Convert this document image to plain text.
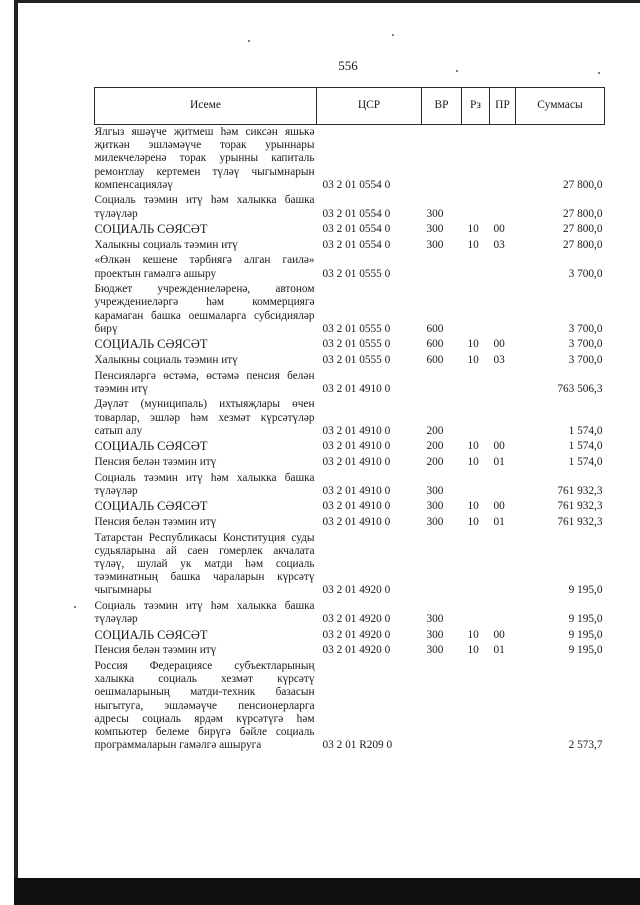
556
Исеме	ЦСР	ВР	Рз	ПР	Суммасы
Ялгыз яшәүче җитмеш һәм сиксән яшькә җиткән эшләмәүче торак урыннары милекчеләренә торак урынны капиталь ремонтлау кертемен түләү чыгымнарын компенсацияләү	03 2 01 0554 0				27 800,0
Социаль тәэмин итү һәм халыкка башка түләүләр	03 2 01 0554 0	300			27 800,0
СОЦИАЛЬ СӘЯСӘТ	03 2 01 0554 0	300	10	00	27 800,0
Халыкны социаль тәэмин итү	03 2 01 0554 0	300	10	03	27 800,0
«Өлкән кешене тәрбиягә алган гаилә» проектын гамәлгә ашыру	03 2 01 0555 0				3 700,0
Бюджет учреждениеләренә, автоном учреждениеләргә һәм коммерциягә карамаган башка оешмаларга субсидияләр бирү	03 2 01 0555 0	600			3 700,0
СОЦИАЛЬ СӘЯСӘТ	03 2 01 0555 0	600	10	00	3 700,0
Халыкны социаль тәэмин итү	03 2 01 0555 0	600	10	03	3 700,0
Пенсияләргә өстәмә, өстәмә пенсия белән тәэмин итү	03 2 01 4910 0				763 506,3
Дәүләт (муниципаль) ихтыяҗлары өчен товарлар, эшләр һәм хезмәт күрсәтүләр сатып алу	03 2 01 4910 0	200			1 574,0
СОЦИАЛЬ СӘЯСӘТ	03 2 01 4910 0	200	10	00	1 574,0
Пенсия белән тәэмин итү	03 2 01 4910 0	200	10	01	1 574,0
Социаль тәэмин итү һәм халыкка башка түләүләр	03 2 01 4910 0	300			761 932,3
СОЦИАЛЬ СӘЯСӘТ	03 2 01 4910 0	300	10	00	761 932,3
Пенсия белән тәэмин итү	03 2 01 4910 0	300	10	01	761 932,3
Татарстан Республикасы Конституция суды судьяларына ай саен гомерлек акчалата түләү, шулай ук матди һәм социаль тәэминатның башка чараларын күрсәтү чыгымнары	03 2 01 4920 0				9 195,0
Социаль тәэмин итү һәм халыкка башка түләүләр	03 2 01 4920 0	300			9 195,0
СОЦИАЛЬ СӘЯСӘТ	03 2 01 4920 0	300	10	00	9 195,0
Пенсия белән тәэмин итү	03 2 01 4920 0	300	10	01	9 195,0
Россия Федерациясе субъектларының халыкка социаль хезмәт күрсәтү оешмаларының матди-техник базасын ныгытуга, эшләмәүче пенсионерларга адресы социаль ярдәм күрсәтүгә һәм компьютер белеме бирүгә бәйле социаль программаларын гамәлгә ашыруга	03 2 01 R209 0				2 573,7
